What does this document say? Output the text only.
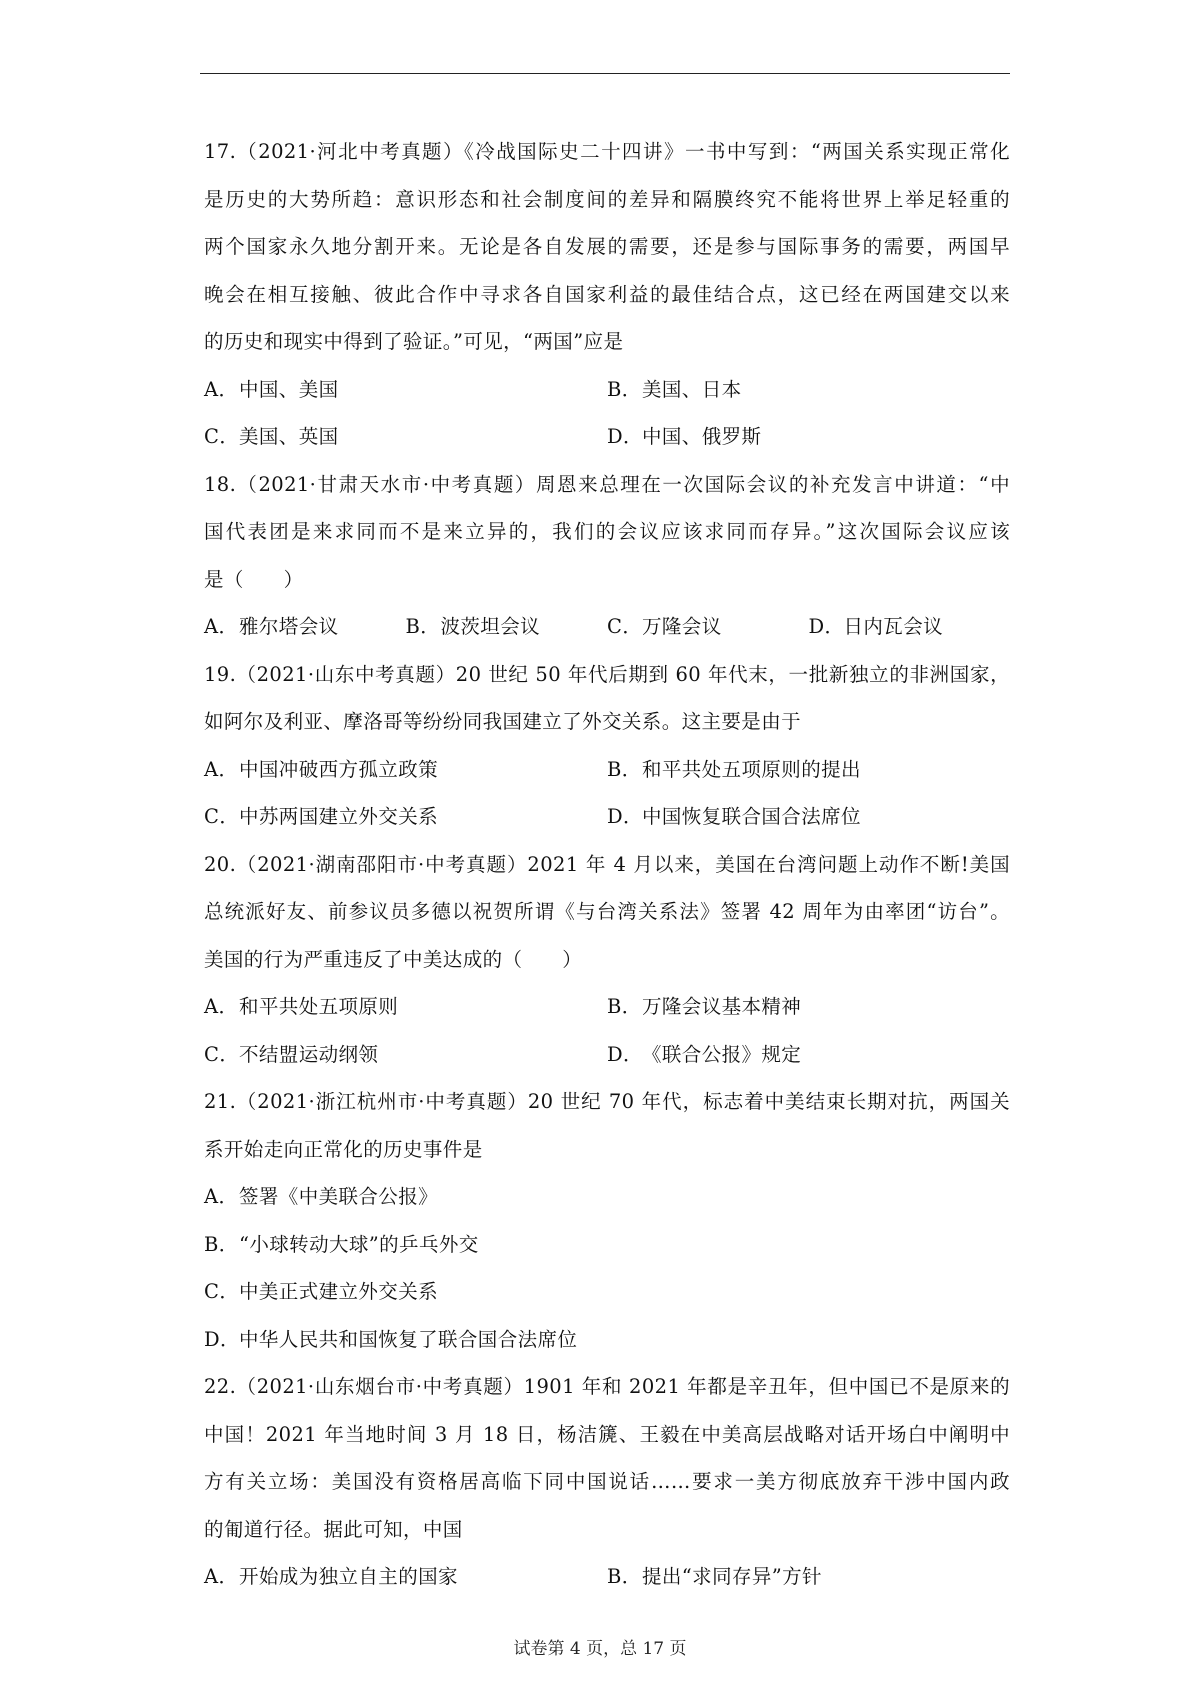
17.（2021·河北中考真题）《冷战国际史二十四讲》一书中写到：“两国关系实现正常化
是历史的大势所趋：意识形态和社会制度间的差异和隔膜终究不能将世界上举足轻重的
两个国家永久地分割开来。无论是各自发展的需要，还是参与国际事务的需要，两国早
晚会在相互接触、彼此合作中寻求各自国家利益的最佳结合点，这已经在两国建交以来
的历史和现实中得到了验证。”可见，“两国”应是
A．中国、美国	B．美国、日本
C．美国、英国	D．中国、俄罗斯
18.（2021·甘肃天水市·中考真题）周恩来总理在一次国际会议的补充发言中讲道：“中
国代表团是来求同而不是来立异的，我们的会议应该求同而存异。”这次国际会议应该
是（　　）
A．雅尔塔会议	B．波茨坦会议	C．万隆会议	D．日内瓦会议
19.（2021·山东中考真题）20 世纪 50 年代后期到 60 年代末，一批新独立的非洲国家，
如阿尔及利亚、摩洛哥等纷纷同我国建立了外交关系。这主要是由于
A．中国冲破西方孤立政策	B．和平共处五项原则的提出
C．中苏两国建立外交关系	D．中国恢复联合国合法席位
20.（2021·湖南邵阳市·中考真题）2021 年 4 月以来，美国在台湾问题上动作不断!美国
总统派好友、前参议员多德以祝贺所谓《与台湾关系法》签署 42 周年为由率团“访台”。
美国的行为严重违反了中美达成的（　　）
A．和平共处五项原则	B．万隆会议基本精神
C．不结盟运动纲领	D．《联合公报》规定
21.（2021·浙江杭州市·中考真题）20 世纪 70 年代，标志着中美结束长期对抗，两国关
系开始走向正常化的历史事件是
A．签署《中美联合公报》
B．“小球转动大球”的乒乓外交
C．中美正式建立外交关系
D．中华人民共和国恢复了联合国合法席位
22.（2021·山东烟台市·中考真题）1901 年和 2021 年都是辛丑年，但中国已不是原来的
中国！2021 年当地时间 3 月 18 日，杨洁篪、王毅在中美高层战略对话开场白中阐明中
方有关立场：美国没有资格居高临下同中国说话……要求一美方彻底放弃干涉中国内政
的匍道行径。据此可知，中国
A．开始成为独立自主的国家	B．提出“求同存异”方针
试卷第 4 页，总 17 页
